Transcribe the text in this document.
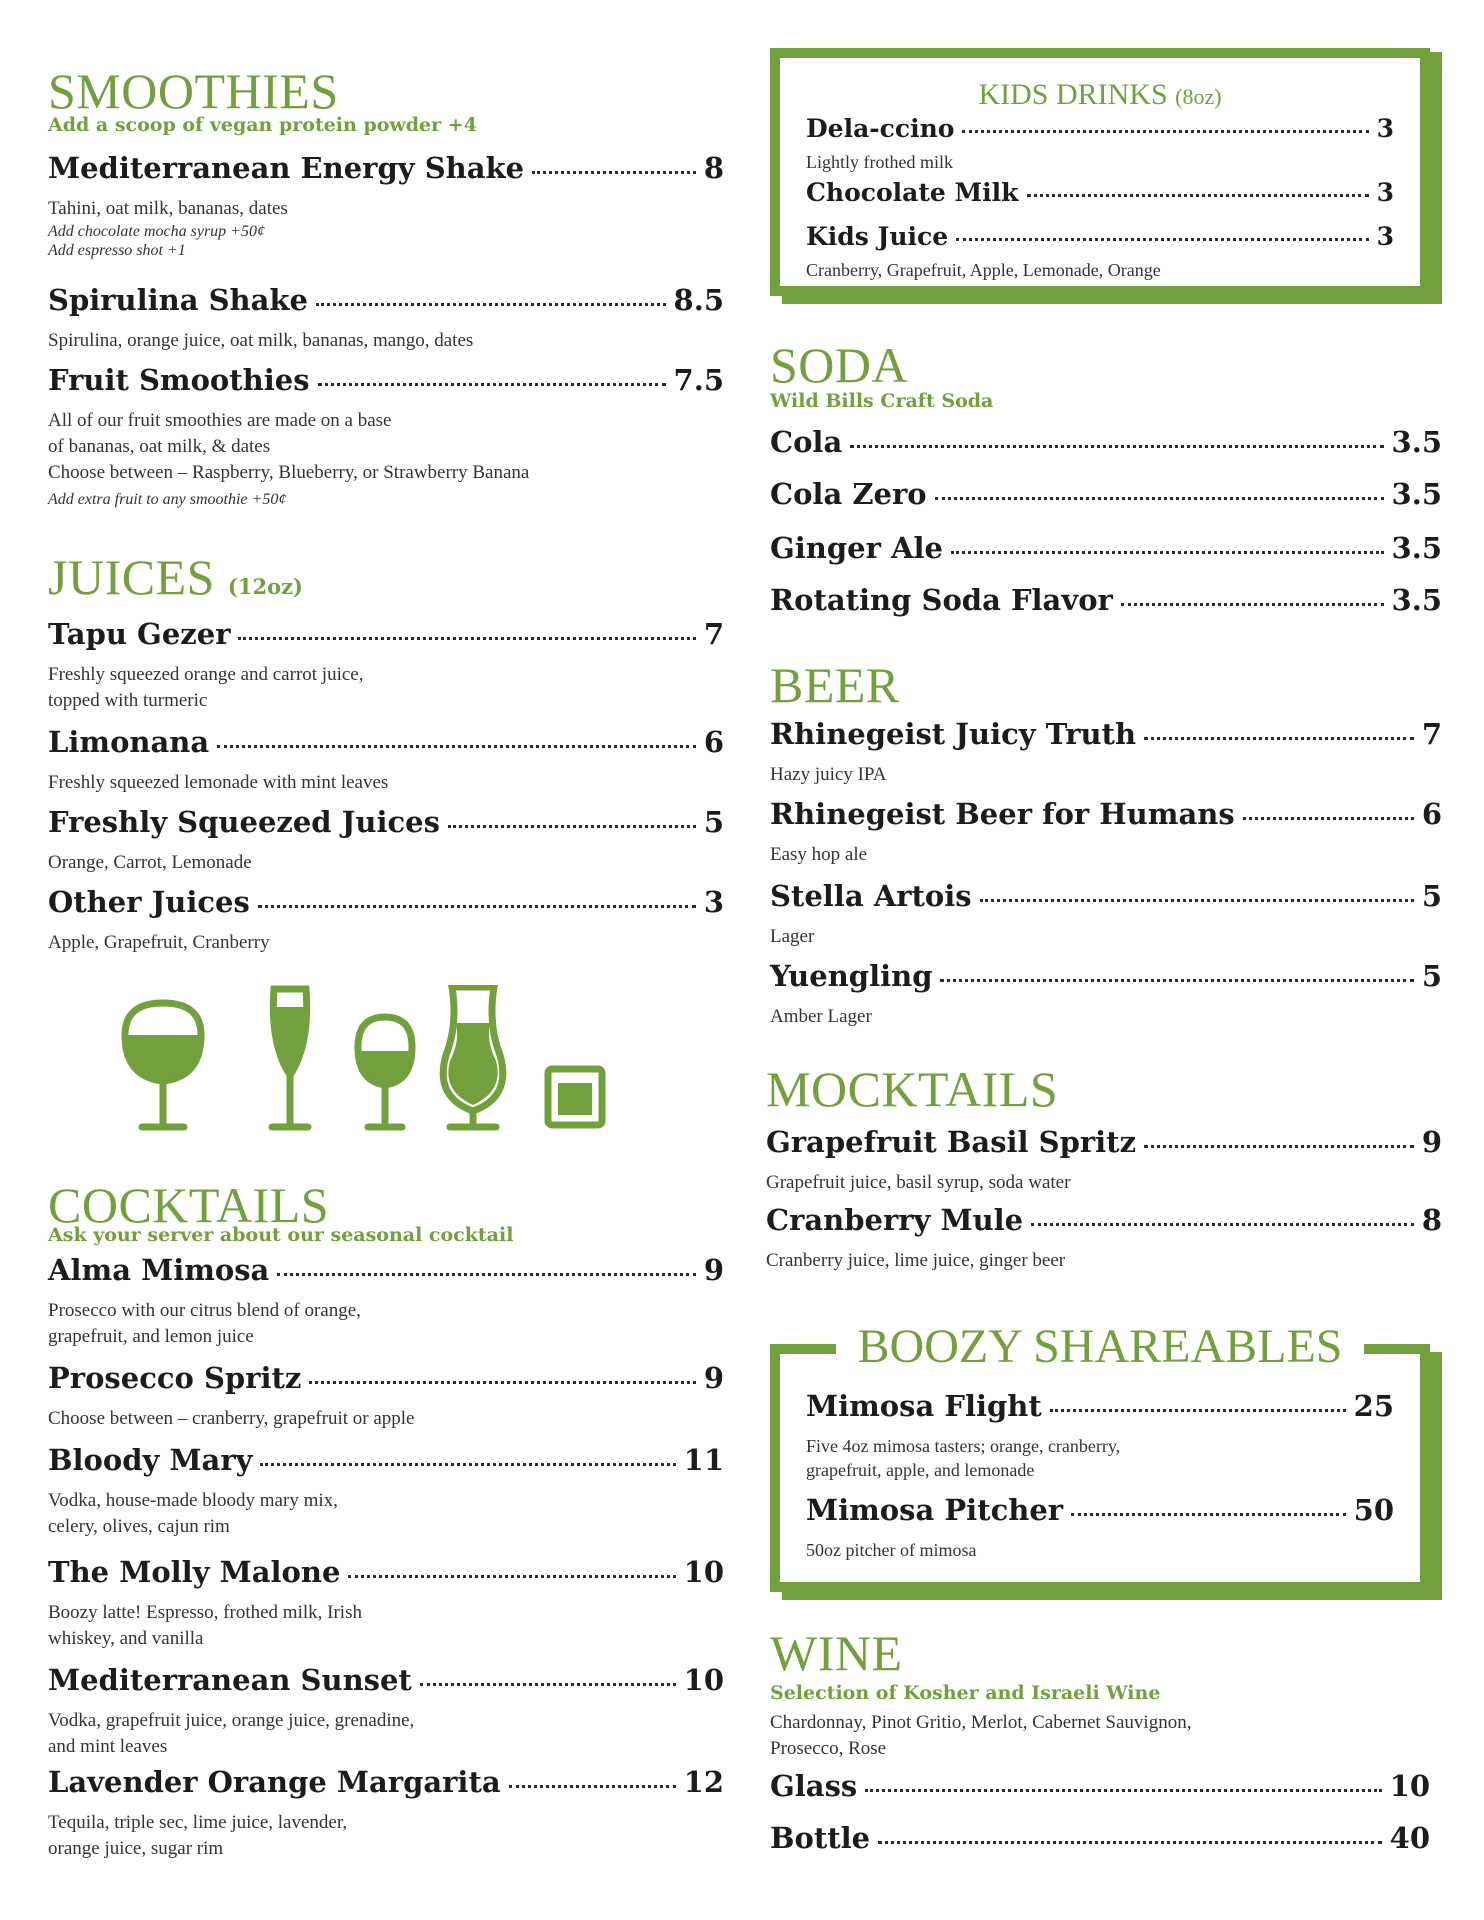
SMOOTHIES

Add a scoop of vegan protein powder +4

Mediterranean Energy Shake	8
Tahini, oat milk, bananas, dates
Add chocolate mocha syrup +50¢
Add espresso shot +1
Spirulina Shake	8.5
Spirulina, orange juice, oat milk, bananas, mango, dates
Fruit Smoothies	7.5
All of our fruit smoothies are made on a base
of bananas, oat milk, & dates
Choose between – Raspberry, Blueberry, or Strawberry Banana
Add extra fruit to any smoothie +50¢
JUICES (12oz)
Tapu Gezer	7
Freshly squeezed orange and carrot juice,
topped with turmeric
Limonana	6
Freshly squeezed lemonade with mint leaves
Freshly Squeezed Juices	5
Orange, Carrot, Lemonade
Other Juices	3
Apple, Grapefruit, Cranberry
COCKTAILS

Ask your server about our seasonal cocktail

Alma Mimosa	9
Prosecco with our citrus blend of orange,
grapefruit, and lemon juice
Prosecco Spritz	9
Choose between – cranberry, grapefruit or apple
Bloody Mary	11
Vodka, house-made bloody mary mix,
celery, olives, cajun rim
The Molly Malone	10
Boozy latte! Espresso, frothed milk, Irish
whiskey, and vanilla
Mediterranean Sunset	10
Vodka, grapefruit juice, orange juice, grenadine,
and mint leaves
Lavender Orange Margarita	12
Tequila, triple sec, lime juice, lavender,
orange juice, sugar rim
KIDS DRINKS (8oz)
Dela-ccino	3
Lightly frothed milk
Chocolate Milk	3
Kids Juice	3
Cranberry, Grapefruit, Apple, Lemonade, Orange
SODA

Wild Bills Craft Soda

Cola	3.5
Cola Zero	3.5
Ginger Ale	3.5
Rotating Soda Flavor	3.5
BEER
Rhinegeist Juicy Truth	7
Hazy juicy IPA
Rhinegeist Beer for Humans	6
Easy hop ale
Stella Artois	5
Lager
Yuengling	5
Amber Lager
MOCKTAILS
Grapefruit Basil Spritz	9
Grapefruit juice, basil syrup, soda water
Cranberry Mule	8
Cranberry juice, lime juice, ginger beer
WINE

Selection of Kosher and Israeli Wine

Chardonnay, Pinot Gritio, Merlot, Cabernet Sauvignon,
Prosecco, Rose
Glass	10
Bottle	40
BOOZY SHAREABLES
Mimosa Flight	25
Five 4oz mimosa tasters; orange, cranberry,
grapefruit, apple, and lemonade
Mimosa Pitcher	50
50oz pitcher of mimosa
